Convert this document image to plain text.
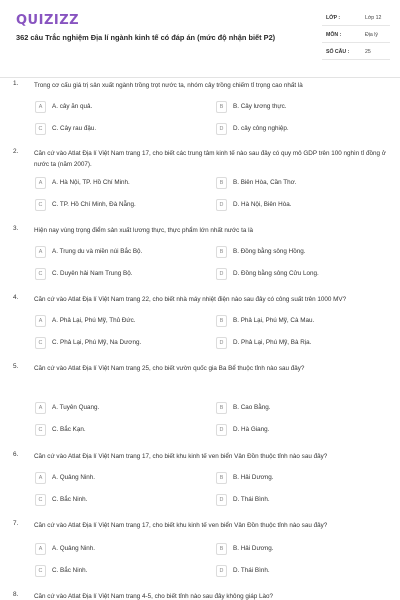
QUIZIZZ
362 câu Trắc nghiệm Địa lí ngành kinh tế có đáp án (mức độ nhận biết P2)
LỚP :	Lớp 12
MÔN :	Địa lý
SỐ CÂU :	25
1. Trong cơ cấu giá trị sản xuất ngành trồng trọt nước ta, nhóm cây trồng chiếm tỉ trọng cao nhất là
A	A. cây ăn quả.	B	B. Cây lương thực.
C	C. Cây rau đậu.	D	D. cây công nghiệp.
2. Căn cứ vào Atlat Địa lí Việt Nam trang 17, cho biết các trung tâm kinh tế nào sau đây có quy mô GDP trên 100 nghìn tỉ đồng ở nước ta (năm 2007).
A	A. Hà Nội, TP. Hồ Chí Minh.	B	B. Biên Hòa, Cần Thơ.
C	C. TP. Hồ Chí Minh, Đà Nẵng.	D	D. Hà Nội, Biên Hòa.
3. Hiện nay vùng trọng điểm sản xuất lương thực, thực phẩm lớn nhất nước ta là
A	A. Trung du và miền núi Bắc Bộ.	B	B. Đồng bằng sông Hồng.
C	C. Duyên hải Nam Trung Bộ.	D	D. Đồng bằng sông Cửu Long.
4. Căn cứ vào Atlat Địa lí Việt Nam trang 22, cho biết nhà máy nhiệt điện nào sau đây có công suất trên 1000 MV?
A	A. Phả Lại, Phú Mỹ, Thủ Đức.	B	B. Phả Lại, Phú Mỹ, Cà Mau.
C	C. Phả Lại, Phú Mỹ, Na Dương.	D	D. Phả Lại, Phú Mỹ, Bà Rịa.
5. Căn cứ vào Atlat Địa lí Việt Nam trang 25, cho biết vườn quốc gia Ba Bể thuộc tỉnh nào sau đây?
A	A. Tuyên Quang.	B	B. Cao Bằng.
C	C. Bắc Kạn.	D	D. Hà Giang.
6. Căn cứ vào Atlat Địa lí Việt Nam trang 17, cho biết khu kinh tế ven biển Vân Đồn thuộc tỉnh nào sau đây?
A	A. Quảng Ninh.	B	B. Hải Dương.
C	C. Bắc Ninh.	D	D. Thái Bình.
7. Căn cứ vào Atlat Địa lí Việt Nam trang 17, cho biết khu kinh tế ven biển Vân Đồn thuộc tỉnh nào sau đây?
A	A. Quảng Ninh.	B	B. Hải Dương.
C	C. Bắc Ninh.	D	D. Thái Bình.
8. Căn cứ vào Atlat Địa lí Việt Nam trang 4-5, cho biết tỉnh nào sau đây không giáp Lào?
